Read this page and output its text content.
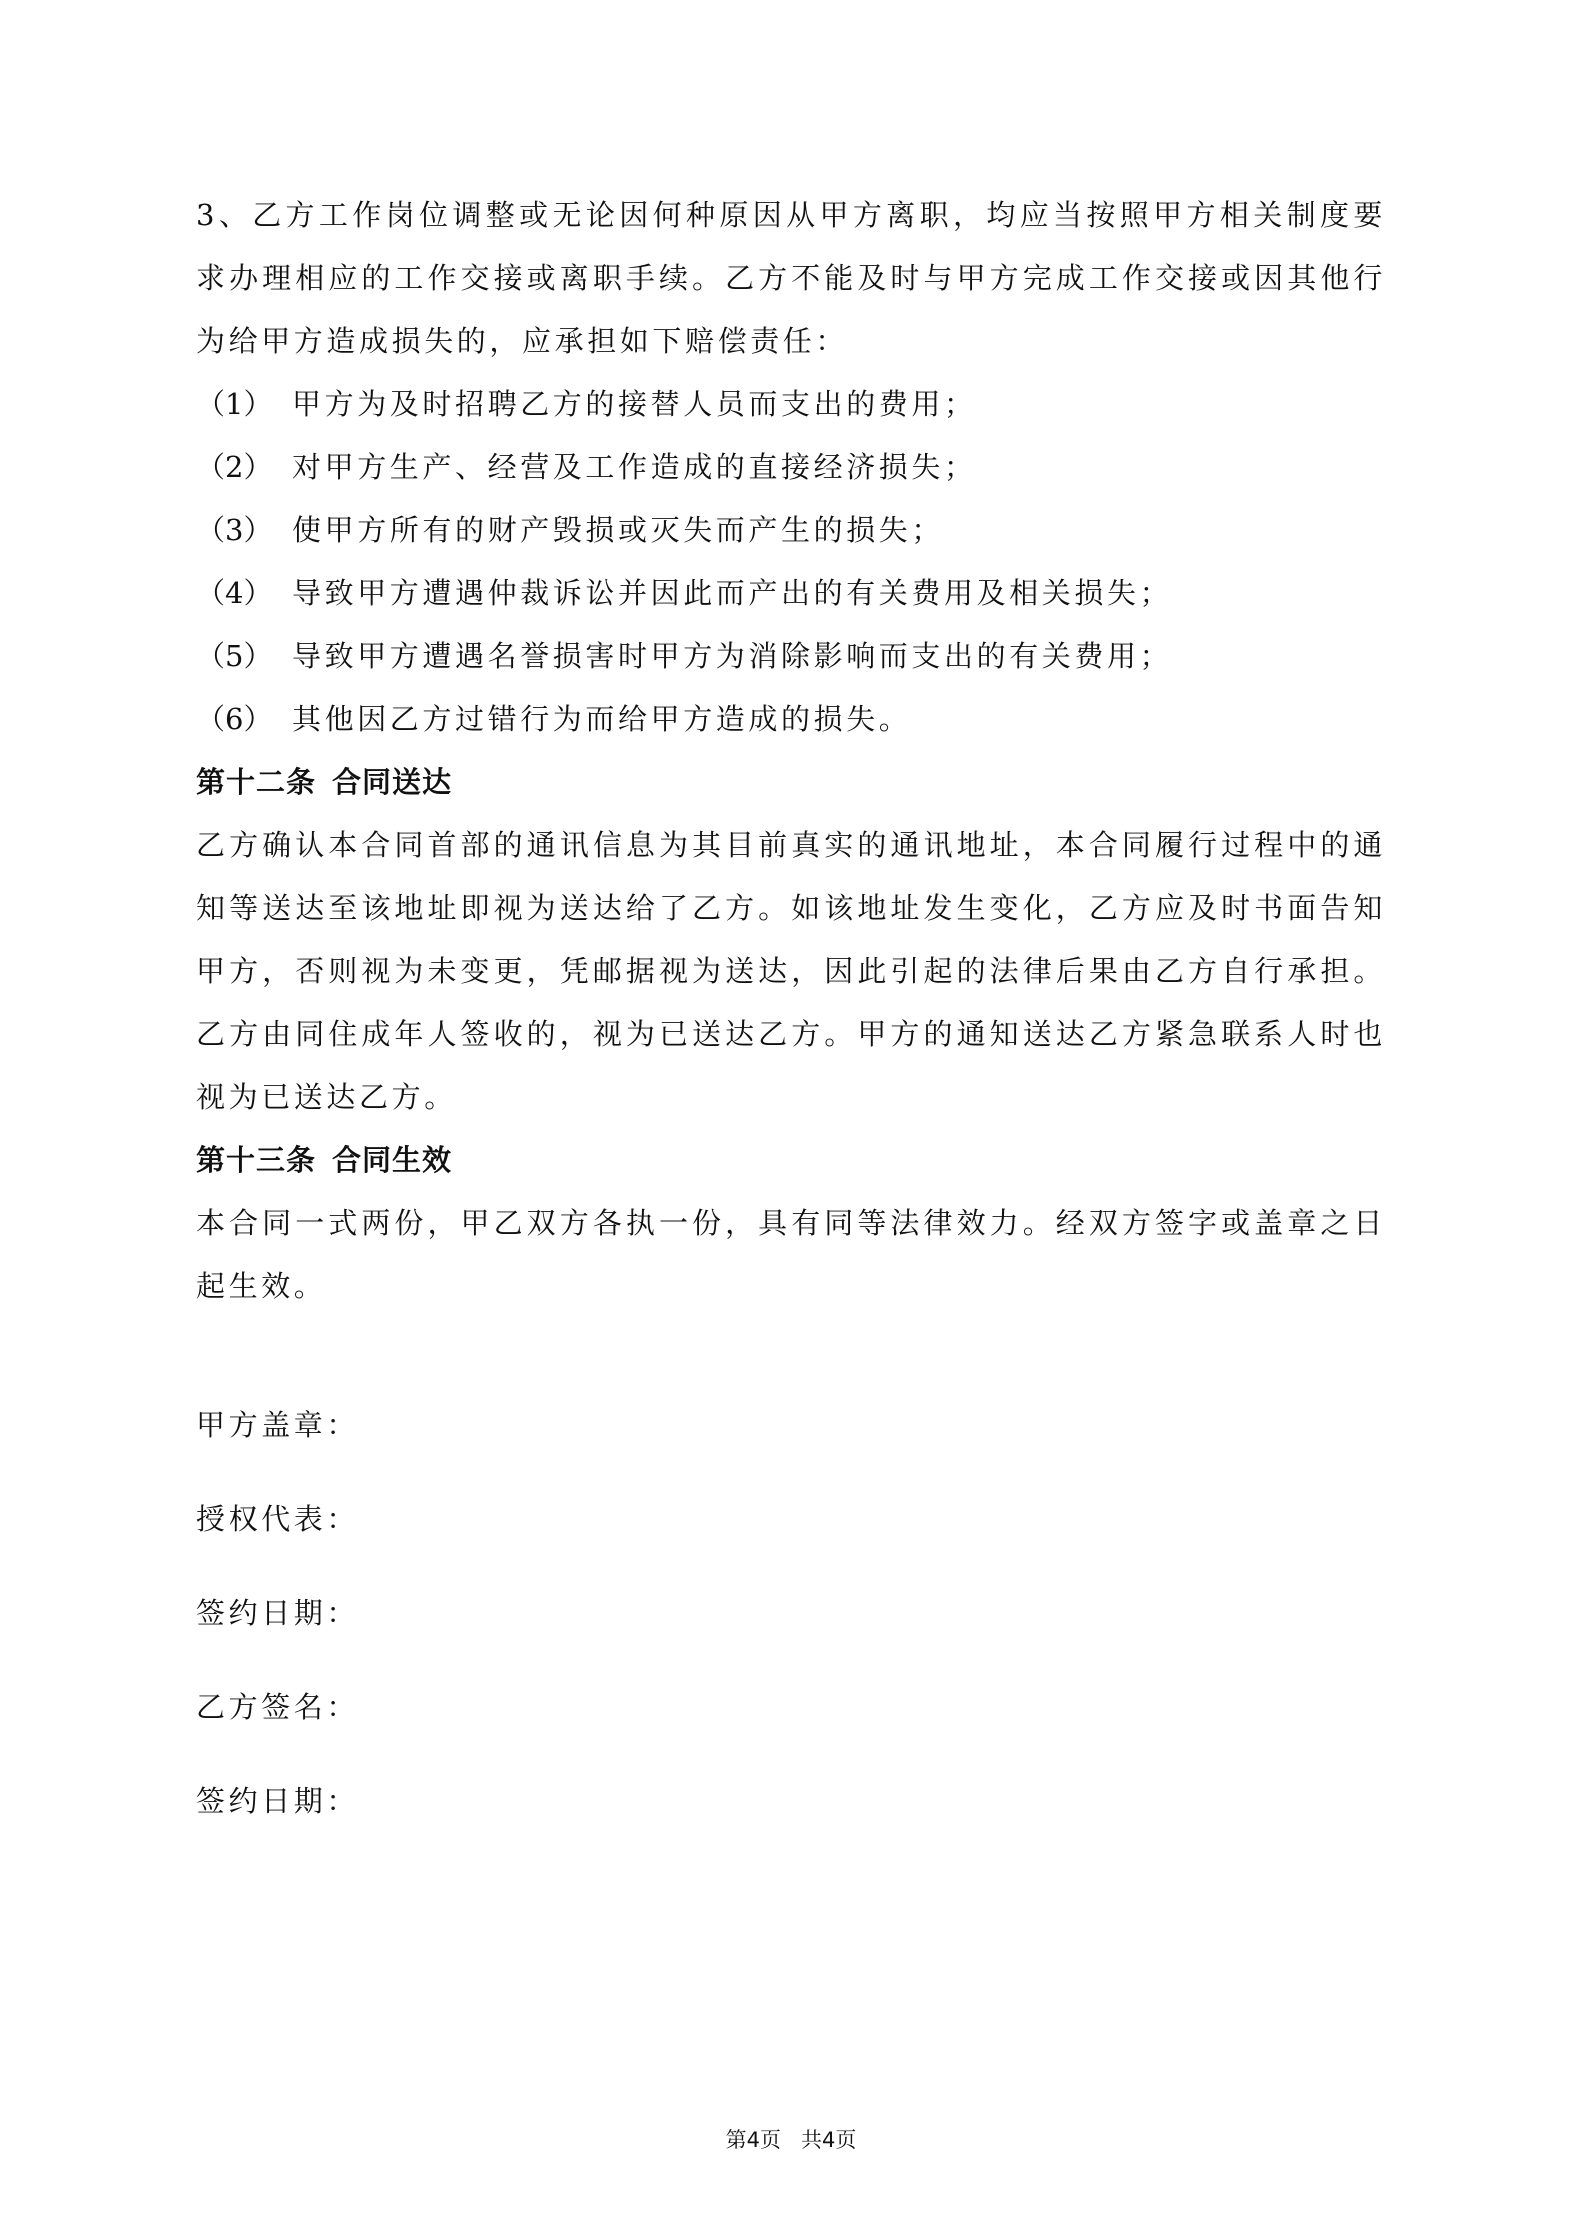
3、乙方工作岗位调整或无论因何种原因从甲方离职，均应当按照甲方相关制度要求办理相应的工作交接或离职手续。乙方不能及时与甲方完成工作交接或因其他行为给甲方造成损失的，应承担如下赔偿责任：

（1） 甲方为及时招聘乙方的接替人员而支出的费用；

（2） 对甲方生产、经营及工作造成的直接经济损失；

（3） 使甲方所有的财产毁损或灭失而产生的损失；

（4） 导致甲方遭遇仲裁诉讼并因此而产出的有关费用及相关损失；

（5） 导致甲方遭遇名誉损害时甲方为消除影响而支出的有关费用；

（6） 其他因乙方过错行为而给甲方造成的损失。

第十二条 合同送达

乙方确认本合同首部的通讯信息为其目前真实的通讯地址，本合同履行过程中的通知等送达至该地址即视为送达给了乙方。如该地址发生变化，乙方应及时书面告知甲方，否则视为未变更，凭邮据视为送达，因此引起的法律后果由乙方自行承担。乙方由同住成年人签收的，视为已送达乙方。甲方的通知送达乙方紧急联系人时也视为已送达乙方。

第十三条 合同生效

本合同一式两份，甲乙双方各执一份，具有同等法律效力。经双方签字或盖章之日起生效。

甲方盖章：

授权代表：

签约日期：

乙方签名：

签约日期：

第4页 共4页
